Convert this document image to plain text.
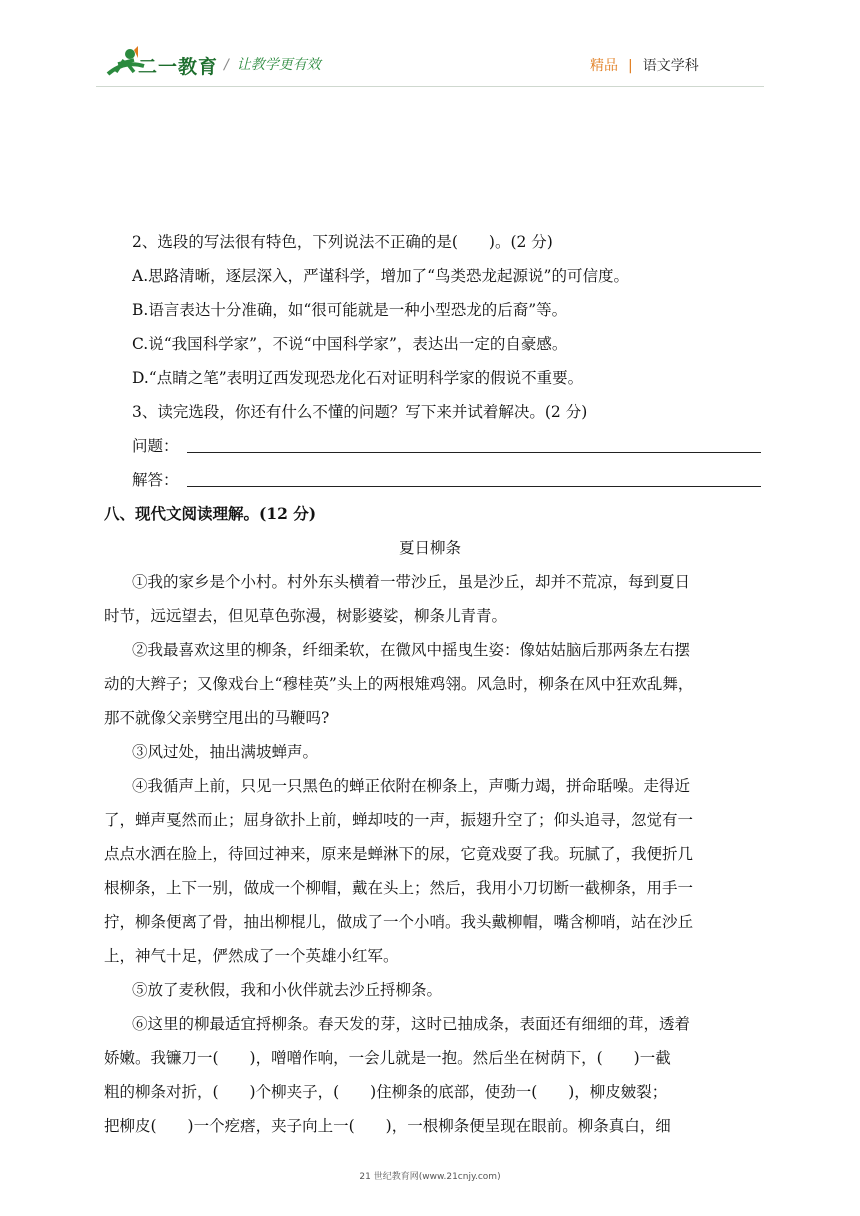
二一教育 / 让教学更有效	精品 | 语文学科
2、选段的写法很有特色，下列说法不正确的是(　　)。(2 分)
A.思路清晰，逐层深入，严谨科学，增加了“鸟类恐龙起源说”的可信度。
B.语言表达十分准确，如“很可能就是一种小型恐龙的后裔”等。
C.说“我国科学家”，不说“中国科学家”，表达出一定的自豪感。
D.“点睛之笔”表明辽西发现恐龙化石对证明科学家的假说不重要。
3、读完选段，你还有什么不懂的问题？写下来并试着解决。(2 分)
问题：
解答：
八、现代文阅读理解。(12 分)
夏日柳条
①我的家乡是个小村。村外东头横着一带沙丘，虽是沙丘，却并不荒凉，每到夏日
时节，远远望去，但见草色弥漫，树影婆娑，柳条儿青青。
②我最喜欢这里的柳条，纤细柔软，在微风中摇曳生姿：像姑姑脑后那两条左右摆
动的大辫子；又像戏台上“穆桂英”头上的两根雉鸡翎。风急时，柳条在风中狂欢乱舞，
那不就像父亲劈空甩出的马鞭吗?
③风过处，抽出满坡蝉声。
④我循声上前，只见一只黑色的蝉正依附在柳条上，声嘶力竭，拼命聒噪。走得近
了，蝉声戛然而止；屈身欲扑上前，蝉却吱的一声，振翅升空了；仰头追寻，忽觉有一
点点水洒在脸上，待回过神来，原来是蝉淋下的尿，它竟戏耍了我。玩腻了，我便折几
根柳条，上下一别，做成一个柳帽，戴在头上；然后，我用小刀切断一截柳条，用手一
拧，柳条便离了骨，抽出柳棍儿，做成了一个小哨。我头戴柳帽，嘴含柳哨，站在沙丘
上，神气十足，俨然成了一个英雄小红军。
⑤放了麦秋假，我和小伙伴就去沙丘捋柳条。
⑥这里的柳最适宜捋柳条。春天发的芽，这时已抽成条，表面还有细细的茸，透着
娇嫩。我镰刀一(　　)，噌噌作响，一会儿就是一抱。然后坐在树荫下，(　　)一截
粗的柳条对折，(　　)个柳夹子，(　　)住柳条的底部，使劲一(　　)，柳皮皴裂；
把柳皮(　　)一个疙瘩，夹子向上一(　　)，一根柳条便呈现在眼前。柳条真白，细
21 世纪教育网(www.21cnjy.com)
